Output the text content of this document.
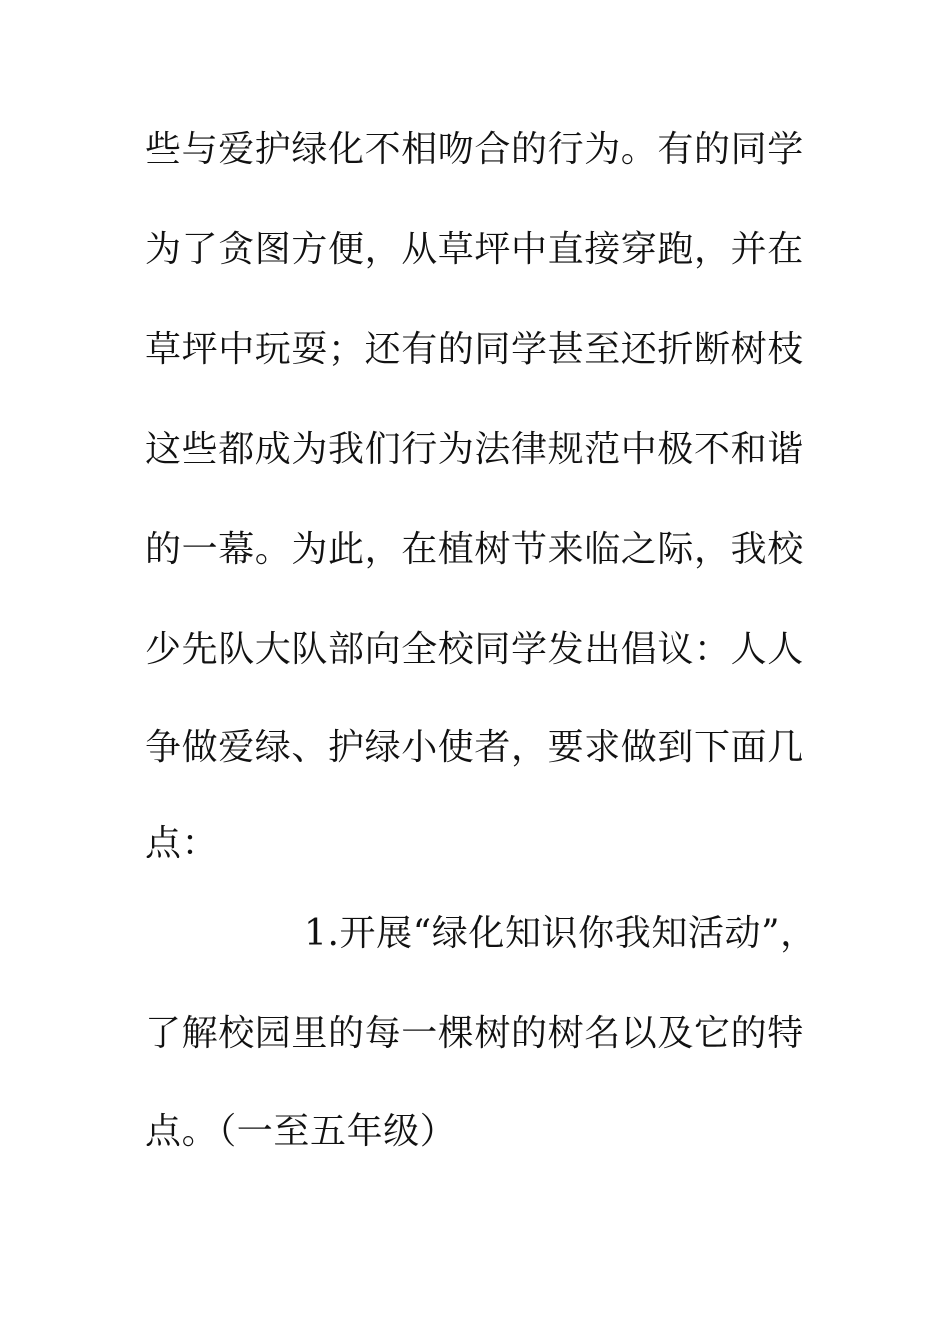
些与爱护绿化不相吻合的行为。有的同学
为了贪图方便，从草坪中直接穿跑，并在
草坪中玩耍；还有的同学甚至还折断树枝
这些都成为我们行为法律规范中极不和谐
的一幕。为此，在植树节来临之际，我校
少先队大队部向全校同学发出倡议：人人
争做爱绿、护绿小使者，要求做到下面几
点：
1.开展“绿化知识你我知活动”，
了解校园里的每一棵树的树名以及它的特
点。（一至五年级）
